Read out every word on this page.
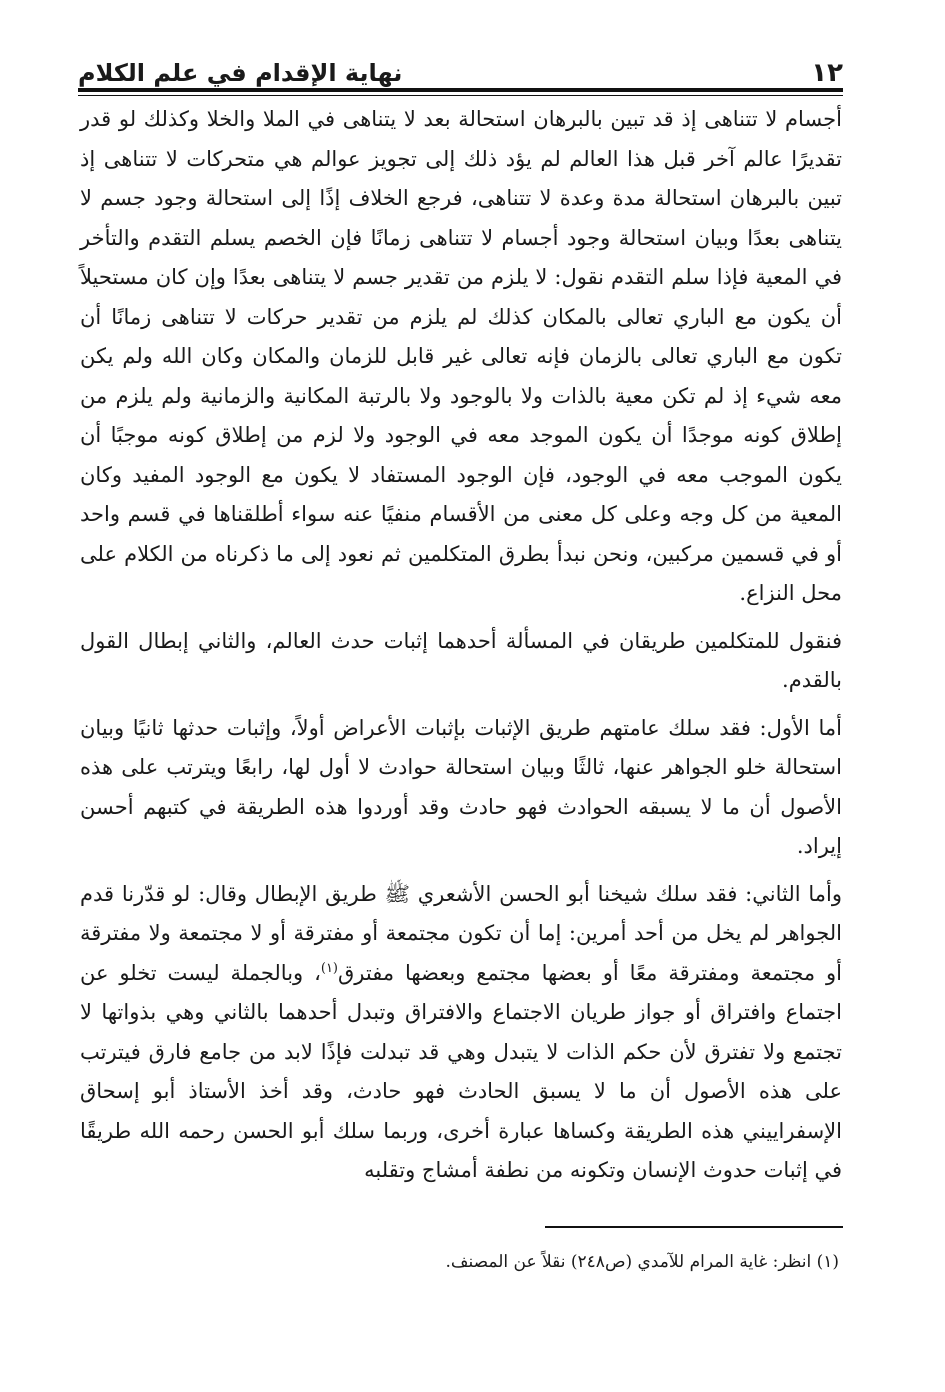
١٢
نهاية الإقدام في علم الكلام

أجسام لا تتناهى إذ قد تبين بالبرهان استحالة بعد لا يتناهى في الملا والخلا وكذلك لو قدر تقديرًا عالم آخر قبل هذا العالم لم يؤد ذلك إلى تجويز عوالم هي متحركات لا تتناهى إذ تبين بالبرهان استحالة مدة وعدة لا تتناهى، فرجع الخلاف إذًا إلى استحالة وجود جسم لا يتناهى بعدًا وبيان استحالة وجود أجسام لا تتناهى زمانًا فإن الخصم يسلم التقدم والتأخر في المعية فإذا سلم التقدم نقول: لا يلزم من تقدير جسم لا يتناهى بعدًا وإن كان مستحيلاً أن يكون مع الباري تعالى بالمكان كذلك لم يلزم من تقدير حركات لا تتناهى زمانًا أن تكون مع الباري تعالى بالزمان فإنه تعالى غير قابل للزمان والمكان وكان الله ولم يكن معه شيء إذ لم تكن معية بالذات ولا بالوجود ولا بالرتبة المكانية والزمانية ولم يلزم من إطلاق كونه موجدًا أن يكون الموجد معه في الوجود ولا لزم من إطلاق كونه موجبًا أن يكون الموجب معه في الوجود، فإن الوجود المستفاد لا يكون مع الوجود المفيد وكان المعية من كل وجه وعلى كل معنى من الأقسام منفيًا عنه سواء أطلقناها في قسم واحد أو في قسمين مركبين، ونحن نبدأ بطرق المتكلمين ثم نعود إلى ما ذكرناه من الكلام على محل النزاع.

فنقول للمتكلمين طريقان في المسألة أحدهما إثبات حدث العالم، والثاني إبطال القول بالقدم.

أما الأول: فقد سلك عامتهم طريق الإثبات بإثبات الأعراض أولاً، وإثبات حدثها ثانيًا وبيان استحالة خلو الجواهر عنها، ثالثًا وبيان استحالة حوادث لا أول لها، رابعًا ويترتب على هذه الأصول أن ما لا يسبقه الحوادث فهو حادث وقد أوردوا هذه الطريقة في كتبهم أحسن إيراد.

وأما الثاني: فقد سلك شيخنا أبو الحسن الأشعري ﷺ طريق الإبطال وقال: لو قدّرنا قدم الجواهر لم يخل من أحد أمرين: إما أن تكون مجتمعة أو مفترقة أو لا مجتمعة ولا مفترقة أو مجتمعة ومفترقة معًا أو بعضها مجتمع وبعضها مفترق$^{(١)}$، وبالجملة ليست تخلو عن اجتماع وافتراق أو جواز طريان الاجتماع والافتراق وتبدل أحدهما بالثاني وهي بذواتها لا تجتمع ولا تفترق لأن حكم الذات لا يتبدل وهي قد تبدلت فإذًا لابد من جامع فارق فيترتب على هذه الأصول أن ما لا يسبق الحادث فهو حادث، وقد أخذ الأستاذ أبو إسحاق الإسفراييني هذه الطريقة وكساها عبارة أخرى، وربما سلك أبو الحسن رحمه الله طريقًا في إثبات حدوث الإنسان وتكونه من نطفة أمشاج وتقلبه

(١) انظر: غاية المرام للآمدي (ص٢٤٨) نقلاً عن المصنف.
